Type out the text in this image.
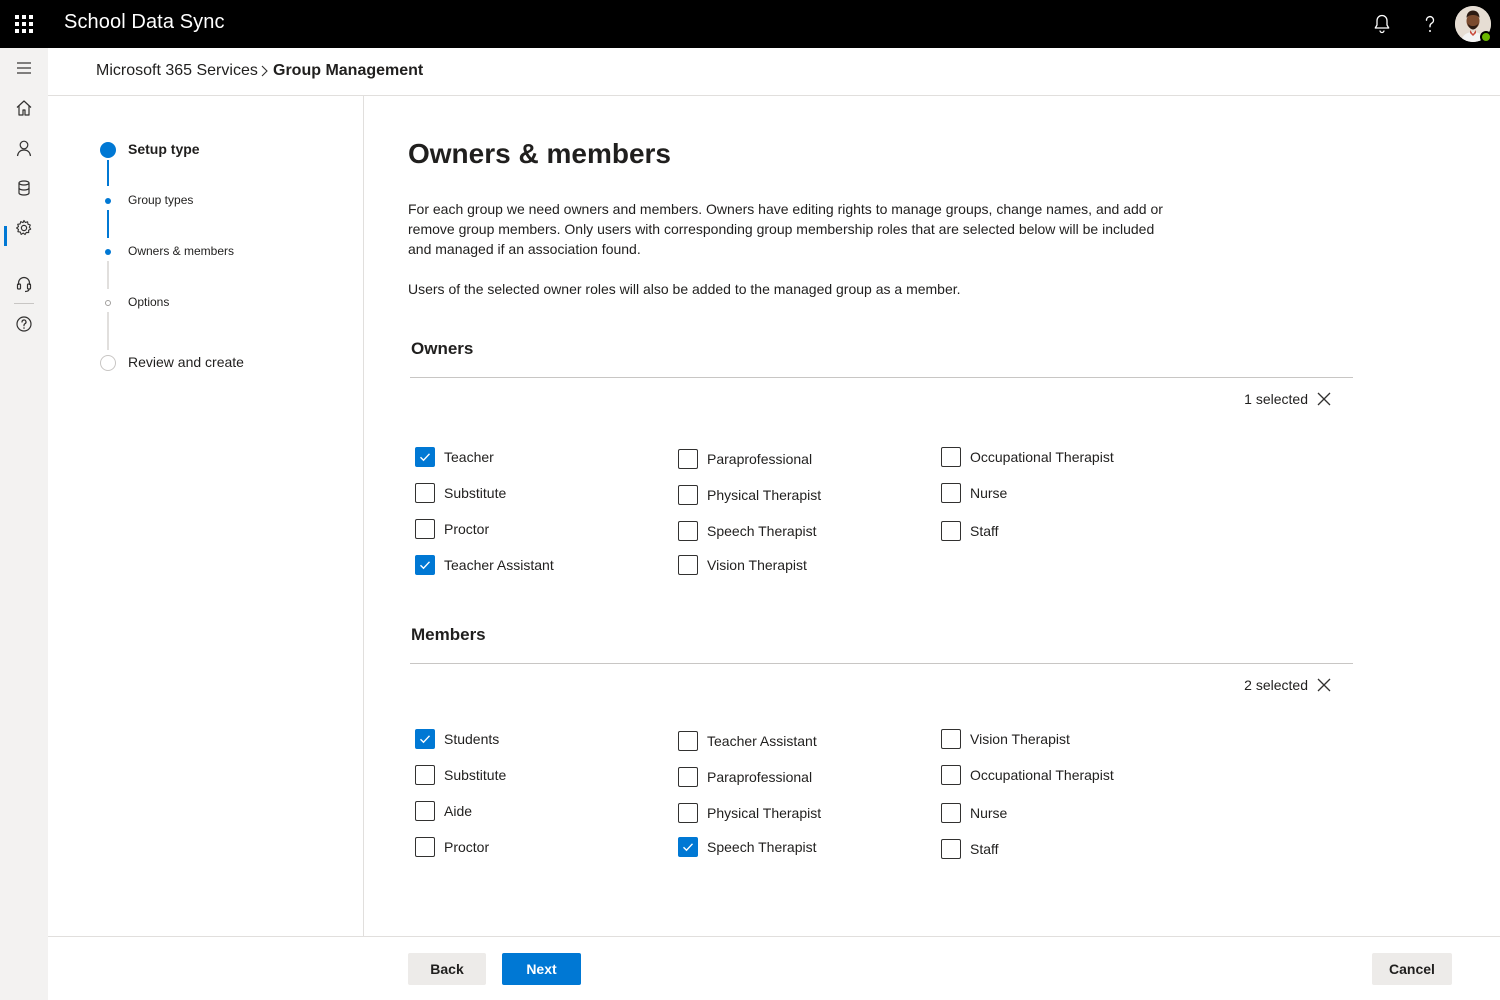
School Data Sync
Microsoft 365 Services Group Management
Setup type
Group types
Owners & members
Options
Review and create
Owners & members

For each group we need owners and members. Owners have editing rights to manage groups, change names, and add or remove group members. Only users with corresponding group membership roles that are selected below will be included and managed if an association found.

Users of the selected owner roles will also be added to the managed group as a member.

Owners
1 selected
Teacher
Substitute
Proctor
Teacher Assistant
Paraprofessional
Physical Therapist
Speech Therapist
Vision Therapist
Occupational Therapist
Nurse
Staff
Members
2 selected
Students
Substitute
Aide
Proctor
Teacher Assistant
Paraprofessional
Physical Therapist
Speech Therapist
Vision Therapist
Occupational Therapist
Nurse
Staff
Back	Next	Cancel
